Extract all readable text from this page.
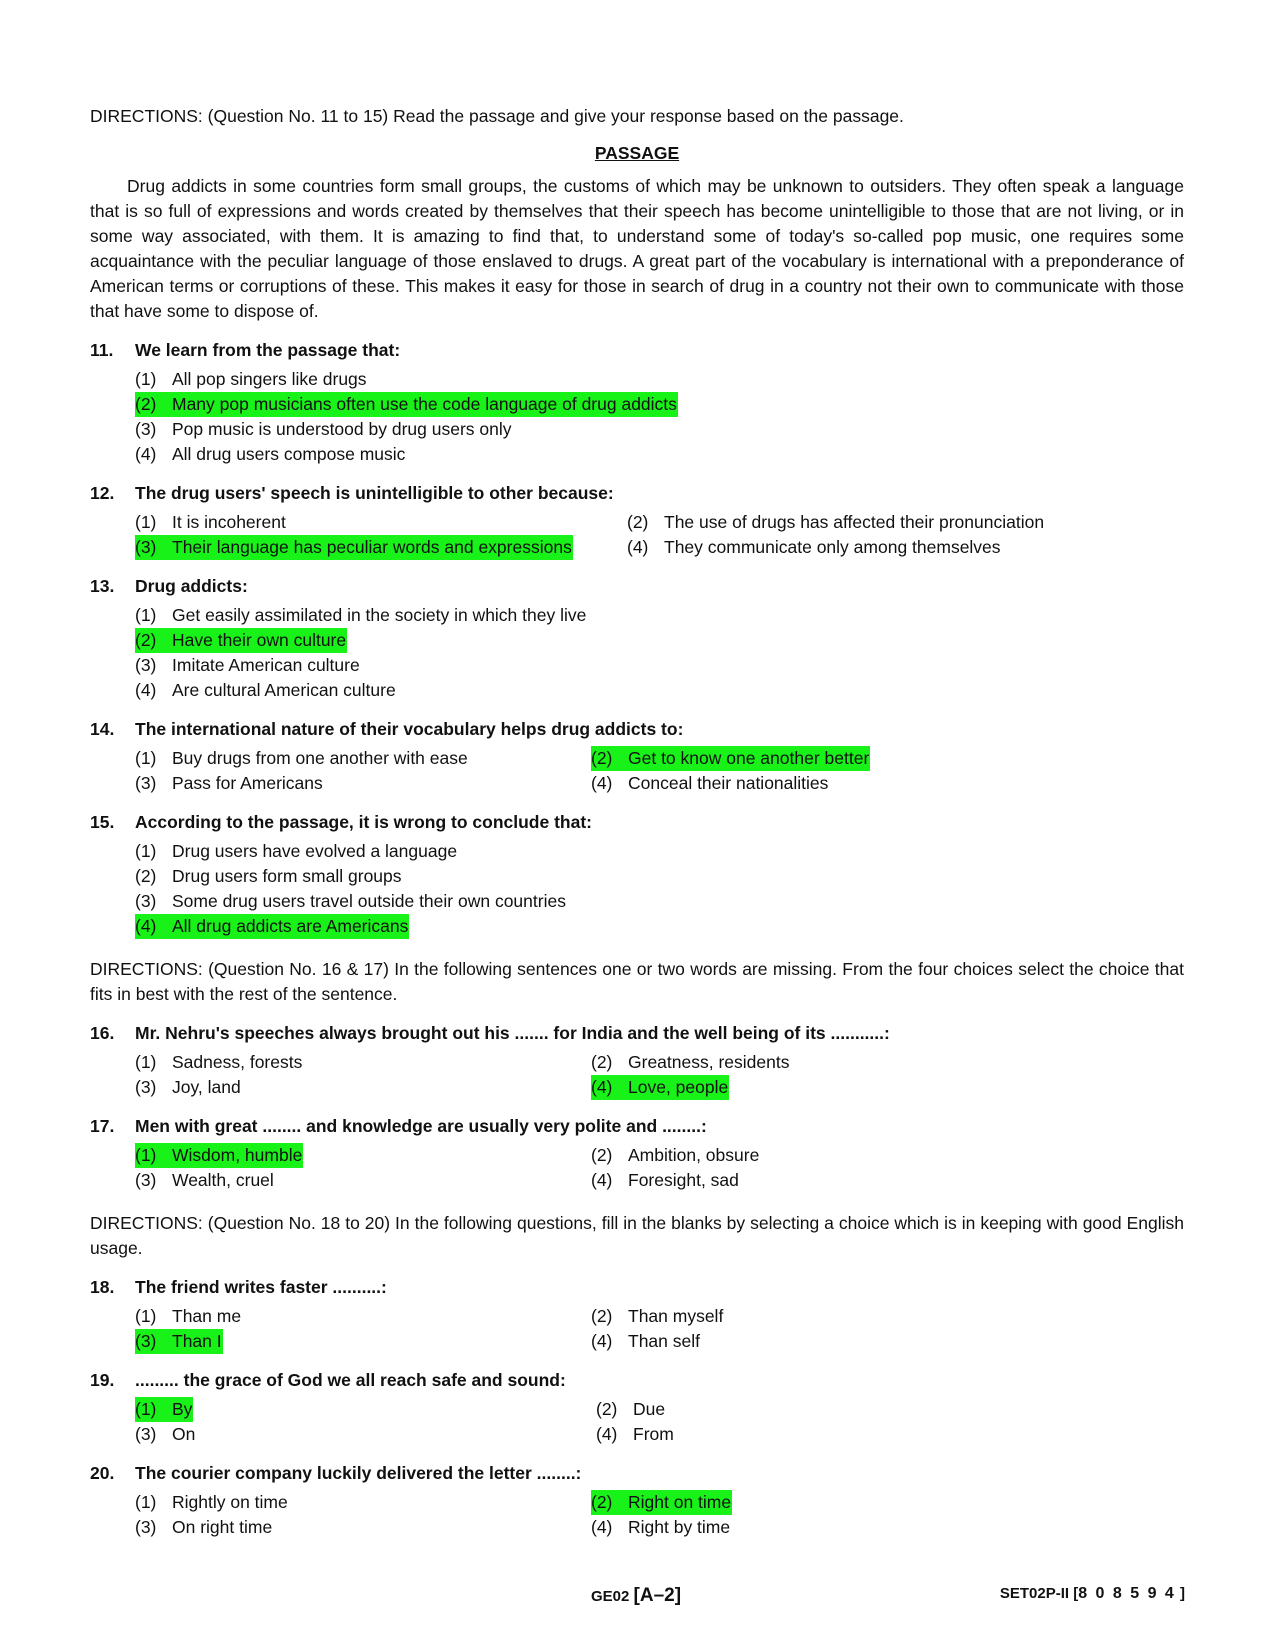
DIRECTIONS: (Question No. 11 to 15) Read the passage and give your response based on the passage.

PASSAGE

Drug addicts in some countries form small groups, the customs of which may be unknown to outsiders. They often speak a language that is so full of expressions and words created by themselves that their speech has become unintelligible to those that are not living, or in some way associated, with them. It is amazing to find that, to understand some of today's so-called pop music, one requires some acquaintance with the peculiar language of those enslaved to drugs. A great part of the vocabulary is international with a preponderance of American terms or corruptions of these. This makes it easy for those in search of drug in a country not their own to communicate with those that have some to dispose of.

11.	We learn from the passage that:
(1) All pop singers like drugs
(2) Many pop musicians often use the code language of drug addicts
(3) Pop music is understood by drug users only
(4) All drug users compose music
12.	The drug users' speech is unintelligible to other because:
(1) It is incoherent	(2) The use of drugs has affected their pronunciation
(3) Their language has peculiar words and expressions	(4) They communicate only among themselves
13.	Drug addicts:
(1) Get easily assimilated in the society in which they live
(2) Have their own culture
(3) Imitate American culture
(4) Are cultural American culture
14.	The international nature of their vocabulary helps drug addicts to:
(1) Buy drugs from one another with ease	(2) Get to know one another better
(3) Pass for Americans	(4) Conceal their nationalities
15.	According to the passage, it is wrong to conclude that:
(1) Drug users have evolved a language
(2) Drug users form small groups
(3) Some drug users travel outside their own countries
(4) All drug addicts are Americans

DIRECTIONS: (Question No. 16 & 17) In the following sentences one or two words are missing. From the four choices select the choice that fits in best with the rest of the sentence.

16.	Mr. Nehru's speeches always brought out his ....... for India and the well being of its ...........:
(1) Sadness, forests	(2) Greatness, residents
(3) Joy, land	(4) Love, people
17.	Men with great ........ and knowledge are usually very polite and ........:
(1) Wisdom, humble	(2) Ambition, obsure
(3) Wealth, cruel	(4) Foresight, sad

DIRECTIONS: (Question No. 18 to 20) In the following questions, fill in the blanks by selecting a choice which is in keeping with good English usage.

18.	The friend writes faster ..........:
(1) Than me	(2) Than myself
(3) Than I	(4) Than self
19.	......... the grace of God we all reach safe and sound:
(1) By	(2) Due
(3) On	(4) From
20.	The courier company luckily delivered the letter ........:
(1) Rightly on time	(2) Right on time
(3) On right time	(4) Right by time
GE02 [A–2]	SET02P-II [8 0 8 5 9 4 ]
